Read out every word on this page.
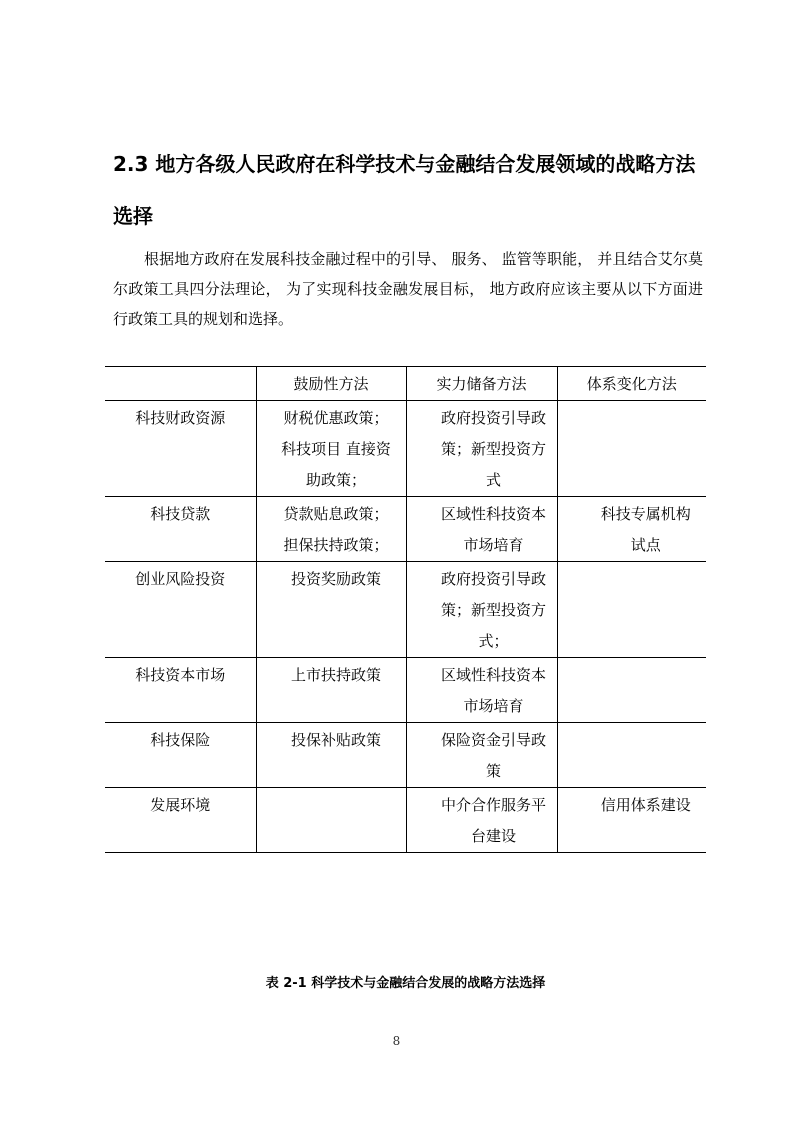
2.3 地方各级人民政府在科学技术与金融结合发展领域的战略方法选择

根据地方政府在发展科技金融过程中的引导、 服务、 监管等职能， 并且结合艾尔莫尔政策工具四分法理论， 为了实现科技金融发展目标， 地方政府应该主要从以下方面进行政策工具的规划和选择。

	鼓励性方法	实力储备方法	体系变化方法
科技财政资源	财税优惠政策；科技项目 直接资助政策；	政府投资引导政策；新型投资方式	
科技贷款	贷款贴息政策；担保扶持政策；	区域性科技资本市场培育	科技专属机构试点
创业风险投资	投资奖励政策	政府投资引导政策；新型投资方式；	
科技资本市场	上市扶持政策	区域性科技资本市场培育	
科技保险	投保补贴政策	保险资金引导政策	
发展环境		中介合作服务平台建设	信用体系建设

表 2-1 科学技术与金融结合发展的战略方法选择

8
